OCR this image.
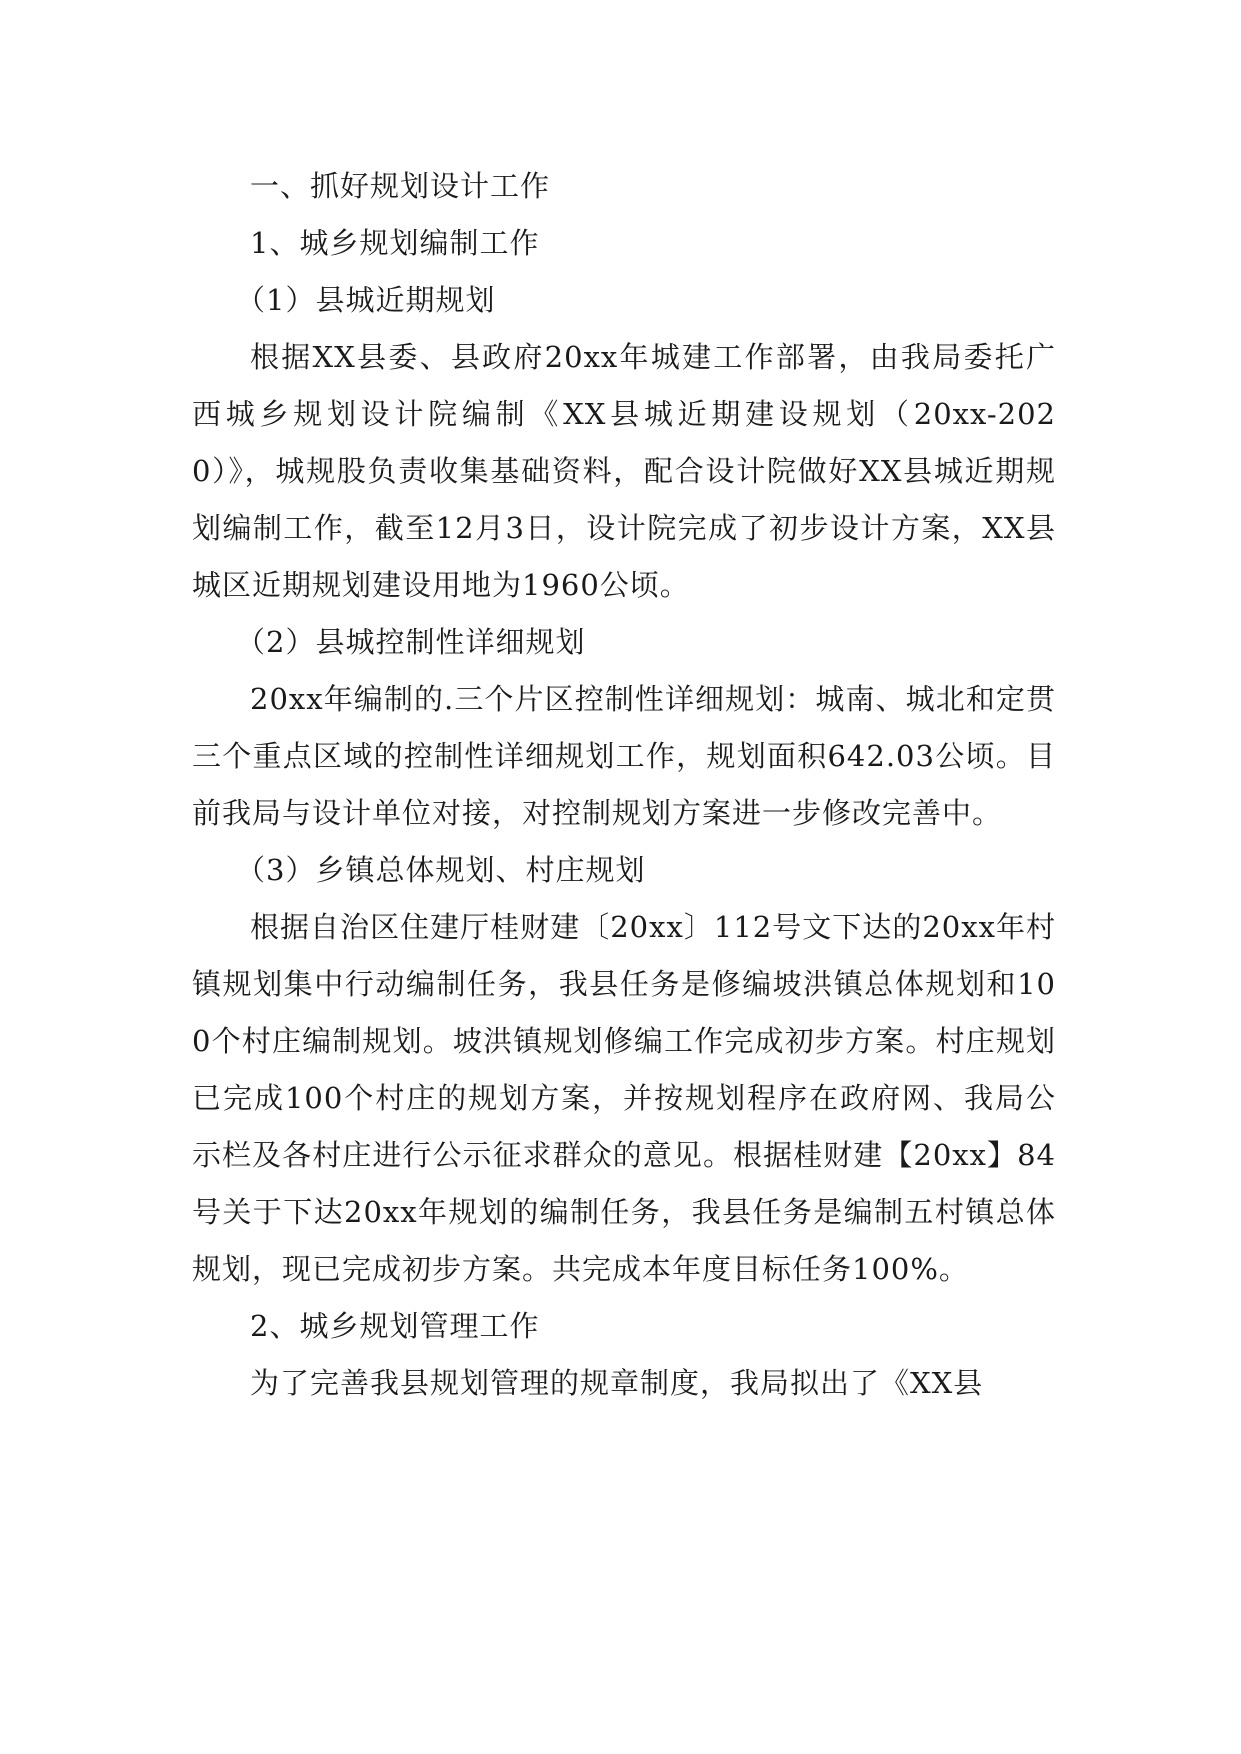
一、抓好规划设计工作

1、城乡规划编制工作

（1）县城近期规划

根据XX县委、县政府20xx年城建工作部署，由我局委托广西城乡规划设计院编制《XX县城近期建设规划（20xx-2020）》，城规股负责收集基础资料，配合设计院做好XX县城近期规划编制工作，截至12月3日，设计院完成了初步设计方案，XX县城区近期规划建设用地为1960公顷。

（2）县城控制性详细规划

20xx年编制的.三个片区控制性详细规划：城南、城北和定贯三个重点区域的控制性详细规划工作，规划面积642.03公顷。目前我局与设计单位对接，对控制规划方案进一步修改完善中。

（3）乡镇总体规划、村庄规划

根据自治区住建厅桂财建〔20xx〕112号文下达的20xx年村镇规划集中行动编制任务，我县任务是修编坡洪镇总体规划和100个村庄编制规划。坡洪镇规划修编工作完成初步方案。村庄规划已完成100个村庄的规划方案，并按规划程序在政府网、我局公示栏及各村庄进行公示征求群众的意见。根据桂财建【20xx】84号关于下达20xx年规划的编制任务，我县任务是编制五村镇总体规划，现已完成初步方案。共完成本年度目标任务100%。

2、城乡规划管理工作

为了完善我县规划管理的规章制度，我局拟出了《XX县
